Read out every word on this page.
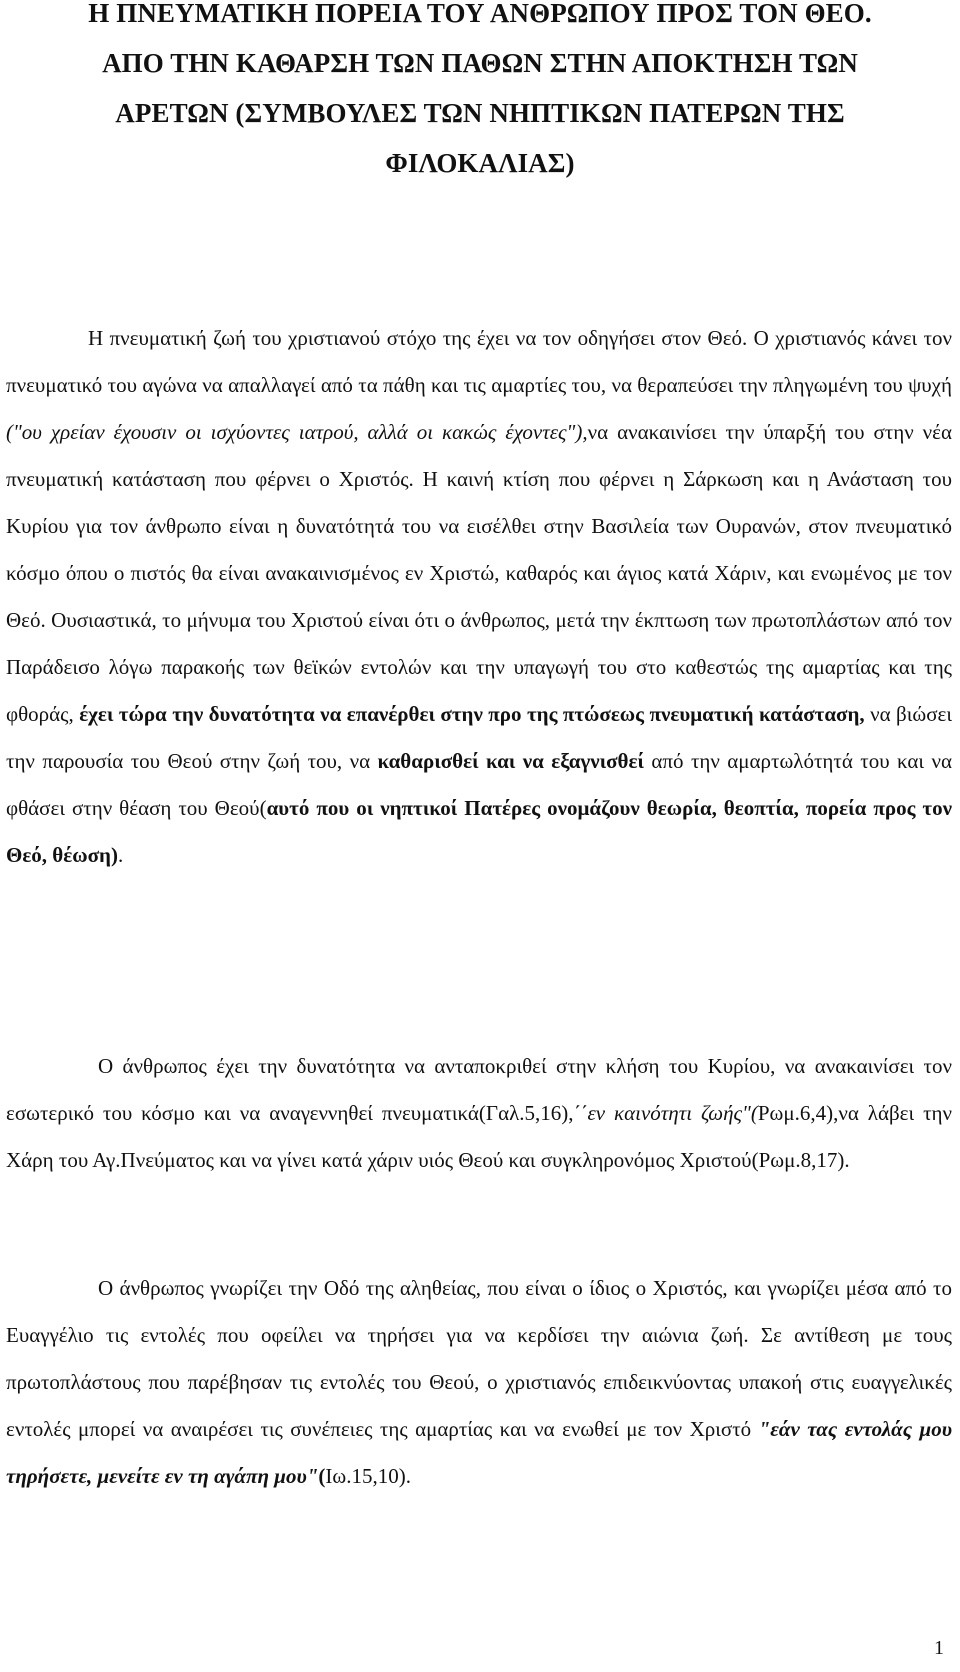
Η ΠΝΕΥΜΑΤΙΚΗ ΠΟΡΕΙΑ ΤΟΥ ΑΝΘΡΩΠΟΥ ΠΡΟΣ ΤΟΝ ΘΕΟ.
ΑΠΟ ΤΗΝ ΚΑΘΑΡΣΗ ΤΩΝ ΠΑΘΩΝ ΣΤΗΝ ΑΠΟΚΤΗΣΗ ΤΩΝ
ΑΡΕΤΩΝ (ΣΥΜΒΟΥΛΕΣ ΤΩΝ ΝΗΠΤΙΚΩΝ ΠΑΤΕΡΩΝ ΤΗΣ
ΦΙΛΟΚΑΛΙΑΣ)

Η πνευματική ζωή του χριστιανού στόχο της έχει να τον οδηγήσει στον Θεό. Ο χριστιανός κάνει τον πνευματικό του αγώνα να απαλλαγεί από τα πάθη και τις αμαρτίες του, να θεραπεύσει την πληγωμένη του ψυχή ("ου χρείαν έχουσιν οι ισχύοντες ιατρού, αλλά οι κακώς έχοντες"),να ανακαινίσει την ύπαρξή του στην νέα πνευματική κατάσταση που φέρνει ο Χριστός. Η καινή κτίση που φέρνει η Σάρκωση και η Ανάσταση του Κυρίου για τον άνθρωπο είναι η δυνατότητά του να εισέλθει στην Βασιλεία των Ουρανών, στον πνευματικό κόσμο όπου ο πιστός θα είναι ανακαινισμένος εν Χριστώ, καθαρός και άγιος κατά Χάριν, και ενωμένος με τον Θεό. Ουσιαστικά, το μήνυμα του Χριστού είναι ότι ο άνθρωπος, μετά την έκπτωση των πρωτοπλάστων από τον Παράδεισο λόγω παρακοής των θεϊκών εντολών και την υπαγωγή του στο καθεστώς της αμαρτίας και της φθοράς, έχει τώρα την δυνατότητα να επανέρθει στην προ της πτώσεως πνευματική κατάσταση, να βιώσει την παρουσία του Θεού στην ζωή του, να καθαρισθεί και να εξαγνισθεί από την αμαρτωλότητά του και να φθάσει στην θέαση του Θεού(αυτό που οι νηπτικοί Πατέρες ονομάζουν θεωρία, θεοπτία, πορεία προς τον Θεό, θέωση).

Ο άνθρωπος έχει την δυνατότητα να ανταποκριθεί στην κλήση του Κυρίου, να ανακαινίσει τον εσωτερικό του κόσμο και να αναγεννηθεί πνευματικά(Γαλ.5,16),΄΄εν καινότητι ζωής"(Ρωμ.6,4),να λάβει την Χάρη του Αγ.Πνεύματος και να γίνει κατά χάριν υιός Θεού και συγκληρονόμος Χριστού(Ρωμ.8,17).

Ο άνθρωπος γνωρίζει την Οδό της αληθείας, που είναι ο ίδιος ο Χριστός, και γνωρίζει μέσα από το Ευαγγέλιο τις εντολές που οφείλει να τηρήσει για να κερδίσει την αιώνια ζωή. Σε αντίθεση με τους πρωτοπλάστους που παρέβησαν τις εντολές του Θεού, ο χριστιανός επιδεικνύοντας υπακοή στις ευαγγελικές εντολές μπορεί να αναιρέσει τις συνέπειες της αμαρτίας και να ενωθεί με τον Χριστό "εάν τας εντολάς μου τηρήσετε, μενείτε εν τη αγάπη μου"(Ιω.15,10).

1
